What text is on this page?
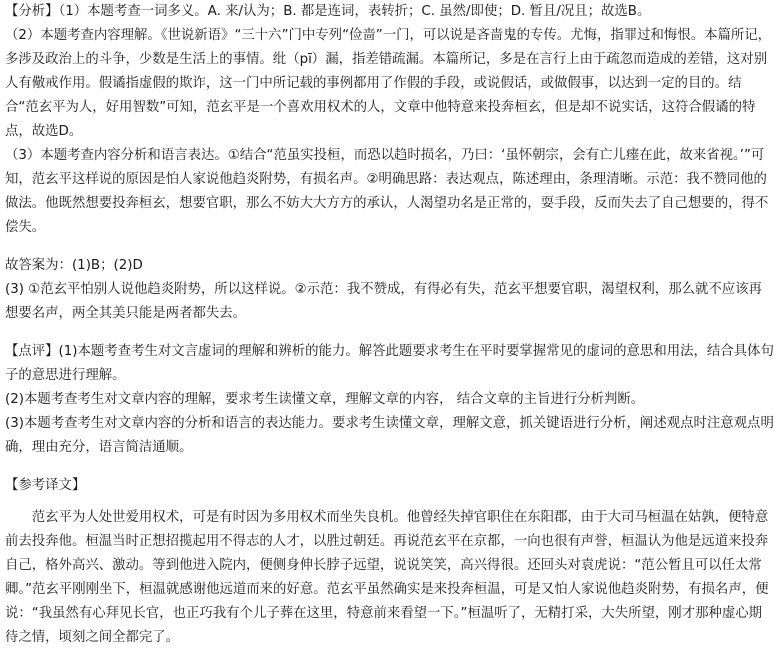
【分析】（1）本题考查一词多义。A. 来/认为；B. 都是连词，表转折；C. 虽然/即使；D. 暂且/况且；故选B。

（2）本题考查内容理解。《世说新语》“三十六”门中专列“俭啬”一门，可以说是吝啬鬼的专传。尤悔，指罪过和悔恨。本篇所记，多涉及政治上的斗争，少数是生活上的事情。纰（pī）漏，指差错疏漏。本篇所记，多是在言行上由于疏忽而造成的差错，这对别人有儆戒作用。假谲指虚假的欺诈，这一门中所记载的事例都用了作假的手段，或说假话，或做假事，以达到一定的目的。结合“范玄平为人，好用智数”可知，范玄平是一个喜欢用权术的人，文章中他特意来投奔桓玄，但是却不说实话，这符合假谲的特点，故选D。

（3）本题考查内容分析和语言表达。①结合“范虽实投桓，而恐以趋时损名，乃曰：‘虽怀朝宗，会有亡儿瘗在此，故来省视。’”可知，范玄平这样说的原因是怕人家说他趋炎附势，有损名声。②明确思路：表达观点，陈述理由，条理清晰。示范：我不赞同他的做法。他既然想要投奔桓玄，想要官职，那么不妨大大方方的承认，人渴望功名是正常的，耍手段，反而失去了自己想要的，得不偿失。

故答案为：(1)B；(2)D

(3) ①范玄平怕别人说他趋炎附势，所以这样说。②示范：我不赞成，有得必有失，范玄平想要官职，渴望权利，那么就不应该再想要名声，两全其美只能是两者都失去。

【点评】(1)本题考查考生对文言虚词的理解和辨析的能力。解答此题要求考生在平时要掌握常见的虚词的意思和用法，结合具体句子的意思进行理解。

(2)本题考查考生对文章内容的理解，要求考生读懂文章，理解文章的内容， 结合文章的主旨进行分析判断。

(3)本题考查考生对文章内容的分析和语言的表达能力。要求考生读懂文章，理解文意，抓关键语进行分析，阐述观点时注意观点明确，理由充分，语言简洁通顺。

【参考译文】

范玄平为人处世爱用权术，可是有时因为多用权术而坐失良机。他曾经失掉官职住在东阳郡，由于大司马桓温在姑孰，便特意前去投奔他。桓温当时正想招揽起用不得志的人才，以胜过朝廷。再说范玄平在京都，一向也很有声誉，桓温认为他是远道来投奔自己，格外高兴、激动。等到他进入院内，便侧身伸长脖子远望，说说笑笑，高兴得很。还回头对袁虎说：“范公暂且可以任太常卿。”范玄平刚刚坐下，桓温就感谢他远道而来的好意。范玄平虽然确实是来投奔桓温，可是又怕人家说他趋炎附势，有损名声，便说：“我虽然有心拜见长官，也正巧我有个儿子葬在这里，特意前来看望一下。”桓温听了，无精打采，大失所望，刚才那种虚心期待之情，顷刻之间全都完了。
